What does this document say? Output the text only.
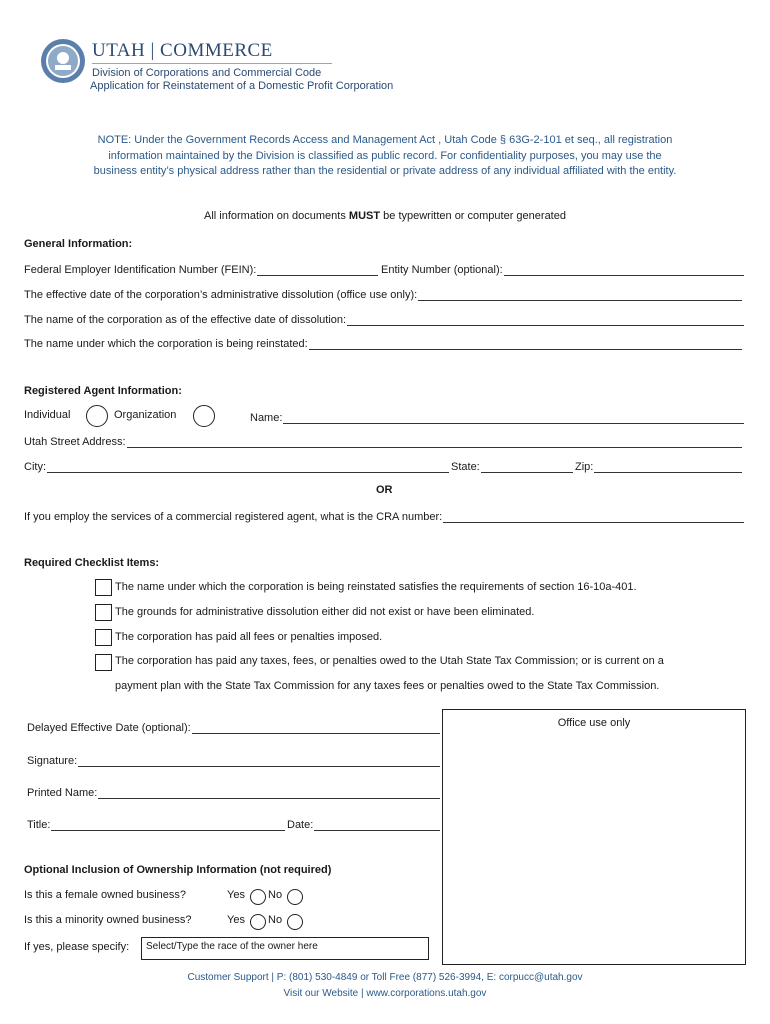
UTAH | COMMERCE
Division of Corporations and Commercial Code
Application for Reinstatement of a Domestic Profit Corporation
NOTE: Under the Government Records Access and Management Act , Utah Code § 63G-2-101 et seq., all registration information maintained by the Division is classified as public record. For confidentiality purposes, you may use the business entity’s physical address rather than the residential or private address of any individual affiliated with the entity.
All information on documents MUST be typewritten or computer generated
General Information:
Federal Employer Identification Number (FEIN):	Entity Number (optional):
The effective date of the corporation’s administrative dissolution (office use only):
The name of the corporation as of the effective date of dissolution:
The name under which the corporation is being reinstated:
Registered Agent Information:
Individual	Organization	Name:
Utah Street Address:
City:	State:	Zip:
OR
If you employ the services of a commercial registered agent, what is the CRA number:
Required Checklist Items:
The name under which the corporation is being reinstated satisfies the requirements of section 16-10a-401.
The grounds for administrative dissolution either did not exist or have been eliminated.
The corporation has paid all fees or penalties imposed.
The corporation has paid any taxes, fees, or penalties owed to the Utah State Tax Commission; or is current on a
payment plan with the State Tax Commission for any taxes fees or penalties owed to the State Tax Commission.
Delayed Effective Date (optional):
Signature:
Printed Name:
Title:	Date:
Office use only
Optional Inclusion of Ownership Information (not required)
Is this a female owned business?	Yes No
Is this a minority owned business?	Yes No
If yes, please specify:	Select/Type the race of the owner here
Customer Support | P: (801) 530-4849 or Toll Free (877) 526-3994, E: corpucc@utah.gov
Visit our Website | www.corporations.utah.gov
